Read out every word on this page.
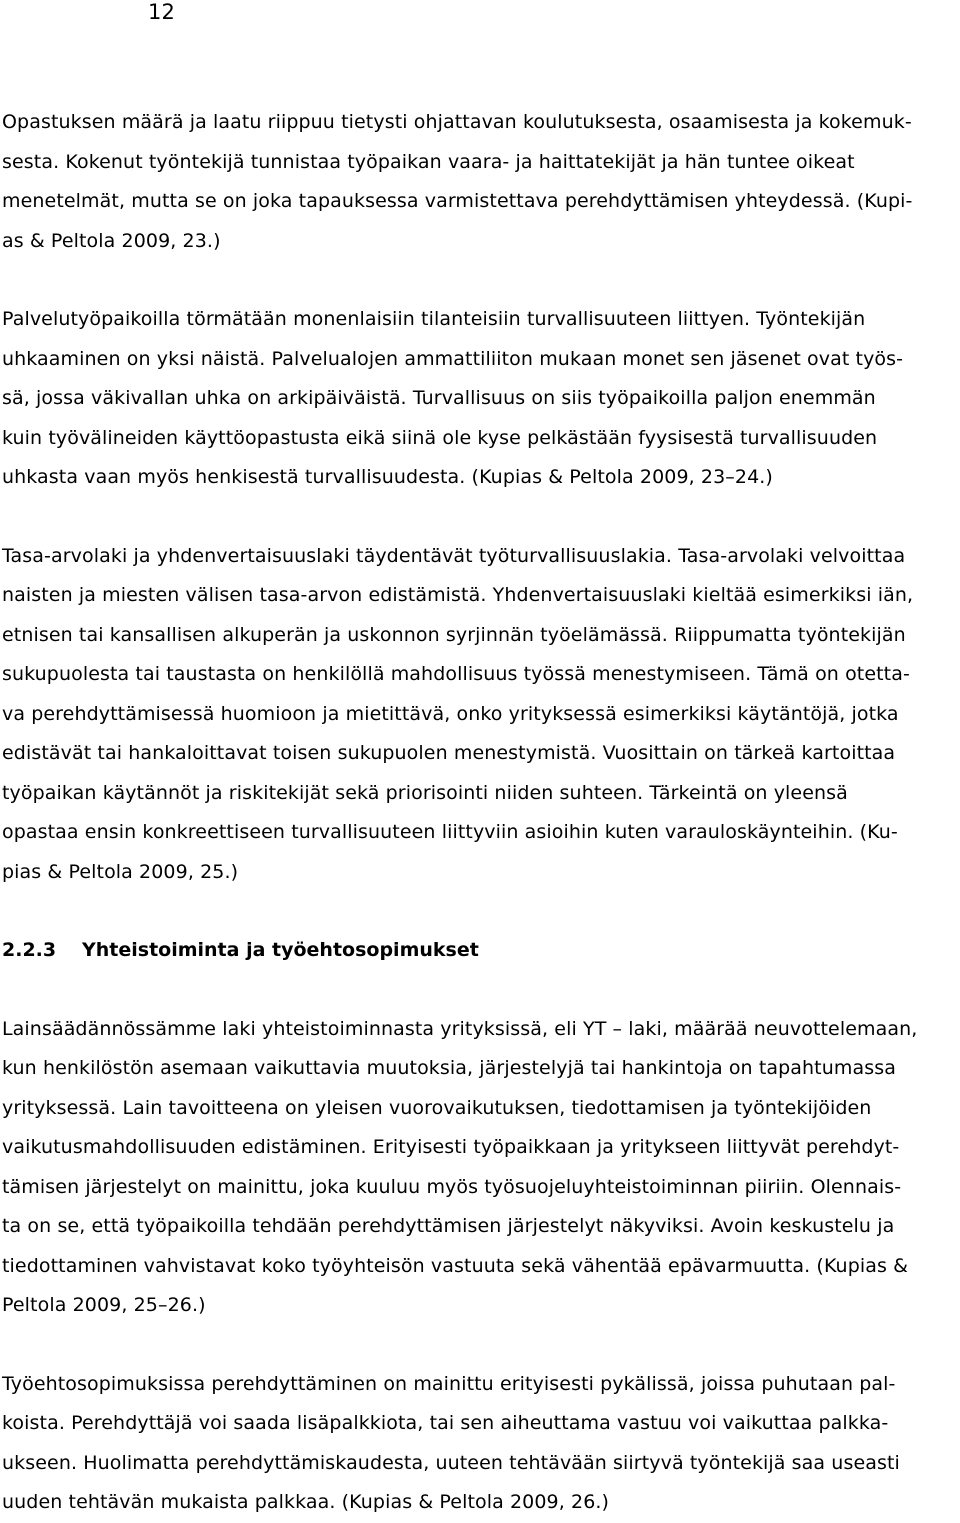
12

Opastuksen määrä ja laatu riippuu tietysti ohjattavan koulutuksesta, osaamisesta ja kokemuk-
sesta. Kokenut työntekijä tunnistaa työpaikan vaara- ja haittatekijät ja hän tuntee oikeat
menetelmät, mutta se on joka tapauksessa varmistettava perehdyttämisen yhteydessä. (Kupi-
as & Peltola 2009, 23.)

Palvelutyöpaikoilla törmätään monenlaisiin tilanteisiin turvallisuuteen liittyen. Työntekijän
uhkaaminen on yksi näistä. Palvelualojen ammattiliiton mukaan monet sen jäsenet ovat työs-
sä, jossa väkivallan uhka on arkipäiväistä. Turvallisuus on siis työpaikoilla paljon enemmän
kuin työvälineiden käyttöopastusta eikä siinä ole kyse pelkästään fyysisestä turvallisuuden
uhkasta vaan myös henkisestä turvallisuudesta. (Kupias & Peltola 2009, 23–24.)

Tasa-arvolaki ja yhdenvertaisuuslaki täydentävät työturvallisuuslakia. Tasa-arvolaki velvoittaa
naisten ja miesten välisen tasa-arvon edistämistä. Yhdenvertaisuuslaki kieltää esimerkiksi iän,
etnisen tai kansallisen alkuperän ja uskonnon syrjinnän työelämässä. Riippumatta työntekijän
sukupuolesta tai taustasta on henkilöllä mahdollisuus työssä menestymiseen. Tämä on otetta-
va perehdyttämisessä huomioon ja mietittävä, onko yrityksessä esimerkiksi käytäntöjä, jotka
edistävät tai hankaloittavat toisen sukupuolen menestymistä. Vuosittain on tärkeä kartoittaa
työpaikan käytännöt ja riskitekijät sekä priorisointi niiden suhteen. Tärkeintä on yleensä
opastaa ensin konkreettiseen turvallisuuteen liittyviin asioihin kuten varauloskäynteihin. (Ku-
pias & Peltola 2009, 25.)

2.2.3 Yhteistoiminta ja työehtosopimukset

Lainsäädännössämme laki yhteistoiminnasta yrityksissä, eli YT – laki, määrää neuvottelemaan,
kun henkilöstön asemaan vaikuttavia muutoksia, järjestelyjä tai hankintoja on tapahtumassa
yrityksessä. Lain tavoitteena on yleisen vuorovaikutuksen, tiedottamisen ja työntekijöiden
vaikutusmahdollisuuden edistäminen. Erityisesti työpaikkaan ja yritykseen liittyvät perehdyt-
tämisen järjestelyt on mainittu, joka kuuluu myös työsuojeluyhteistoiminnan piiriin. Olennais-
ta on se, että työpaikoilla tehdään perehdyttämisen järjestelyt näkyviksi. Avoin keskustelu ja
tiedottaminen vahvistavat koko työyhteisön vastuuta sekä vähentää epävarmuutta. (Kupias &
Peltola 2009, 25–26.)

Työehtosopimuksissa perehdyttäminen on mainittu erityisesti pykälissä, joissa puhutaan pal-
koista. Perehdyttäjä voi saada lisäpalkkiota, tai sen aiheuttama vastuu voi vaikuttaa palkka-
ukseen. Huolimatta perehdyttämiskaudesta, uuteen tehtävään siirtyvä työntekijä saa useasti
uuden tehtävän mukaista palkkaa. (Kupias & Peltola 2009, 26.)
